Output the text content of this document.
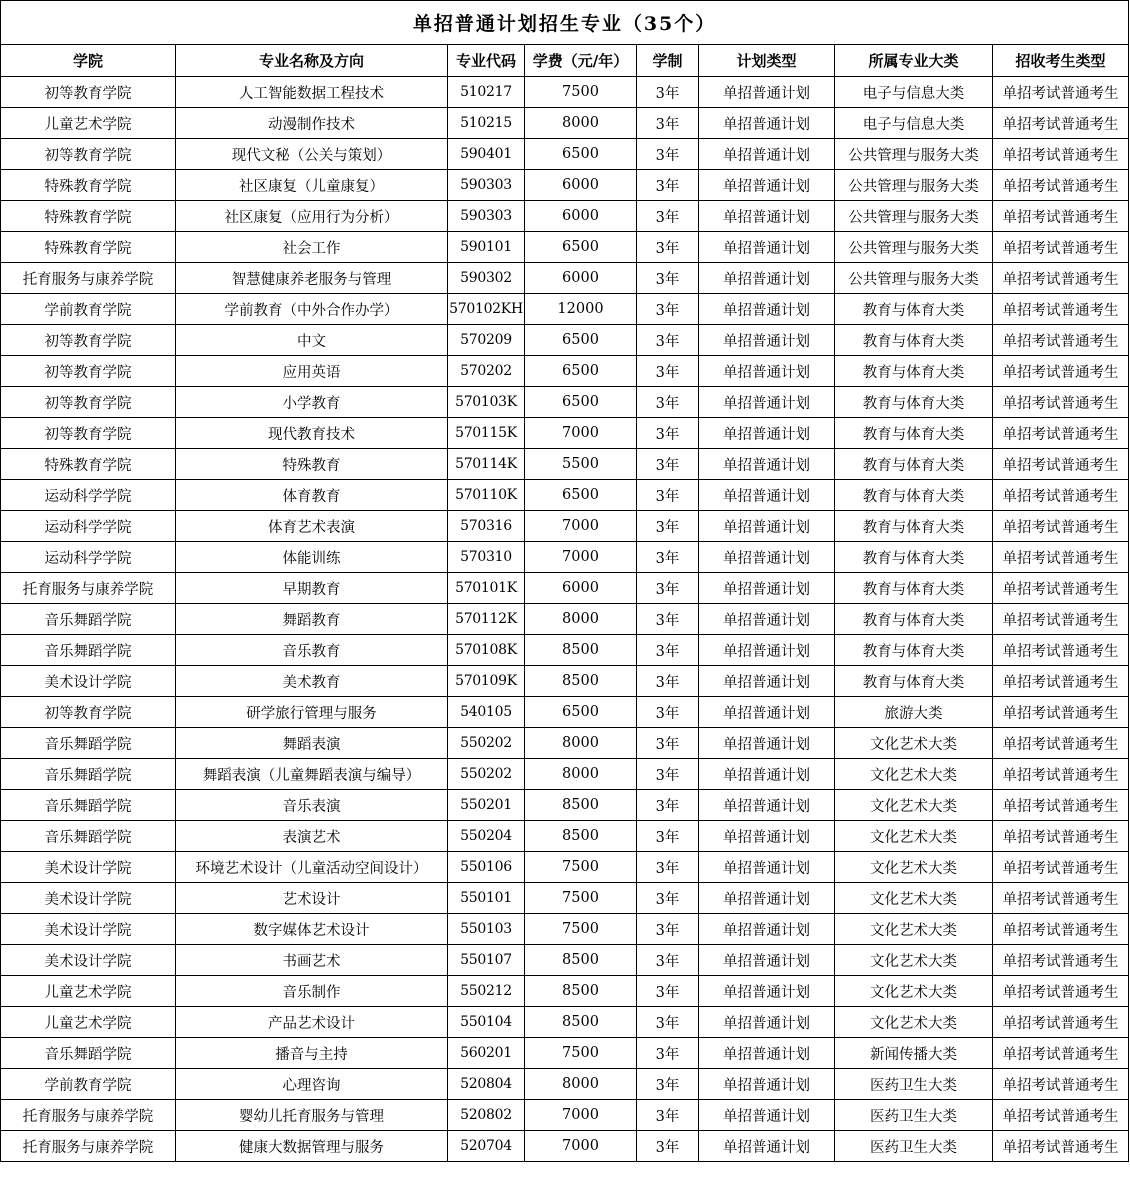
单招普通计划招生专业（35个）							
学院	专业名称及方向	专业代码	学费（元/年）	学制	计划类型	所属专业大类	招收考生类型
初等教育学院	人工智能数据工程技术	510217	7500	3年	单招普通计划	电子与信息大类	单招考试普通考生
儿童艺术学院	动漫制作技术	510215	8000	3年	单招普通计划	电子与信息大类	单招考试普通考生
初等教育学院	现代文秘（公关与策划）	590401	6500	3年	单招普通计划	公共管理与服务大类	单招考试普通考生
特殊教育学院	社区康复（儿童康复）	590303	6000	3年	单招普通计划	公共管理与服务大类	单招考试普通考生
特殊教育学院	社区康复（应用行为分析）	590303	6000	3年	单招普通计划	公共管理与服务大类	单招考试普通考生
特殊教育学院	社会工作	590101	6500	3年	单招普通计划	公共管理与服务大类	单招考试普通考生
托育服务与康养学院	智慧健康养老服务与管理	590302	6000	3年	单招普通计划	公共管理与服务大类	单招考试普通考生
学前教育学院	学前教育（中外合作办学）	570102KH	12000	3年	单招普通计划	教育与体育大类	单招考试普通考生
初等教育学院	中文	570209	6500	3年	单招普通计划	教育与体育大类	单招考试普通考生
初等教育学院	应用英语	570202	6500	3年	单招普通计划	教育与体育大类	单招考试普通考生
初等教育学院	小学教育	570103K	6500	3年	单招普通计划	教育与体育大类	单招考试普通考生
初等教育学院	现代教育技术	570115K	7000	3年	单招普通计划	教育与体育大类	单招考试普通考生
特殊教育学院	特殊教育	570114K	5500	3年	单招普通计划	教育与体育大类	单招考试普通考生
运动科学学院	体育教育	570110K	6500	3年	单招普通计划	教育与体育大类	单招考试普通考生
运动科学学院	体育艺术表演	570316	7000	3年	单招普通计划	教育与体育大类	单招考试普通考生
运动科学学院	体能训练	570310	7000	3年	单招普通计划	教育与体育大类	单招考试普通考生
托育服务与康养学院	早期教育	570101K	6000	3年	单招普通计划	教育与体育大类	单招考试普通考生
音乐舞蹈学院	舞蹈教育	570112K	8000	3年	单招普通计划	教育与体育大类	单招考试普通考生
音乐舞蹈学院	音乐教育	570108K	8500	3年	单招普通计划	教育与体育大类	单招考试普通考生
美术设计学院	美术教育	570109K	8500	3年	单招普通计划	教育与体育大类	单招考试普通考生
初等教育学院	研学旅行管理与服务	540105	6500	3年	单招普通计划	旅游大类	单招考试普通考生
音乐舞蹈学院	舞蹈表演	550202	8000	3年	单招普通计划	文化艺术大类	单招考试普通考生
音乐舞蹈学院	舞蹈表演（儿童舞蹈表演与编导）	550202	8000	3年	单招普通计划	文化艺术大类	单招考试普通考生
音乐舞蹈学院	音乐表演	550201	8500	3年	单招普通计划	文化艺术大类	单招考试普通考生
音乐舞蹈学院	表演艺术	550204	8500	3年	单招普通计划	文化艺术大类	单招考试普通考生
美术设计学院	环境艺术设计（儿童活动空间设计）	550106	7500	3年	单招普通计划	文化艺术大类	单招考试普通考生
美术设计学院	艺术设计	550101	7500	3年	单招普通计划	文化艺术大类	单招考试普通考生
美术设计学院	数字媒体艺术设计	550103	7500	3年	单招普通计划	文化艺术大类	单招考试普通考生
美术设计学院	书画艺术	550107	8500	3年	单招普通计划	文化艺术大类	单招考试普通考生
儿童艺术学院	音乐制作	550212	8500	3年	单招普通计划	文化艺术大类	单招考试普通考生
儿童艺术学院	产品艺术设计	550104	8500	3年	单招普通计划	文化艺术大类	单招考试普通考生
音乐舞蹈学院	播音与主持	560201	7500	3年	单招普通计划	新闻传播大类	单招考试普通考生
学前教育学院	心理咨询	520804	8000	3年	单招普通计划	医药卫生大类	单招考试普通考生
托育服务与康养学院	婴幼儿托育服务与管理	520802	7000	3年	单招普通计划	医药卫生大类	单招考试普通考生
托育服务与康养学院	健康大数据管理与服务	520704	7000	3年	单招普通计划	医药卫生大类	单招考试普通考生
